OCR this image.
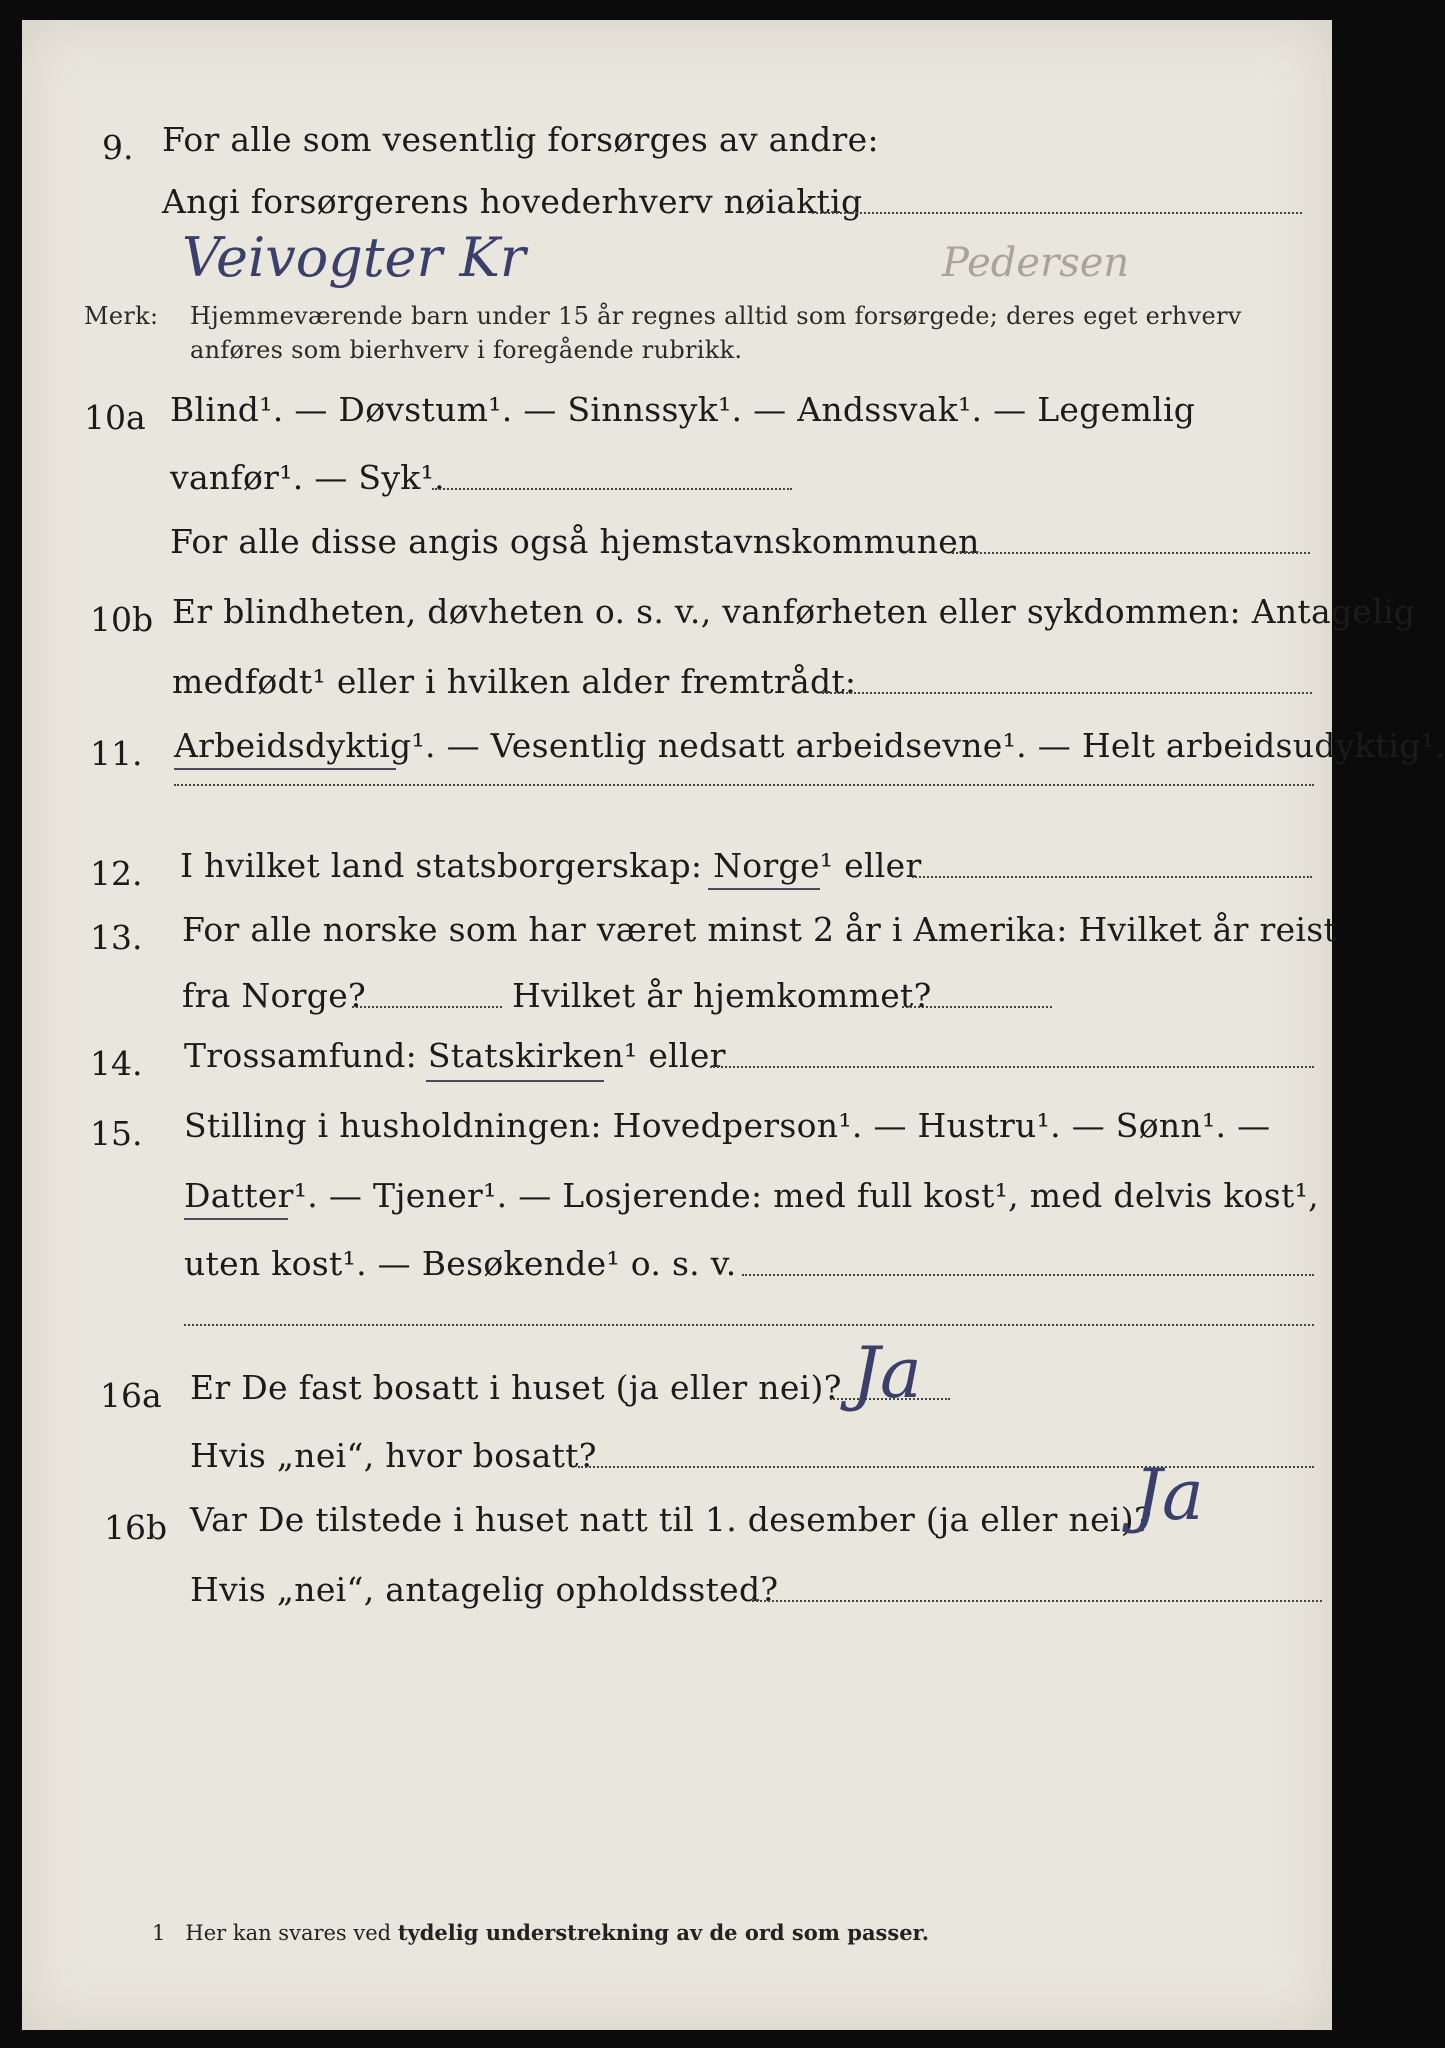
9. For alle som vesentlig forsørges av andre:
Angi forsørgerens hovederhverv nøiaktig
Veivogter Kr	Pedersen
Merk: Hjemmeværende barn under 15 år regnes alltid som forsørgede; deres eget erhverv
anføres som bierhverv i foregående rubrikk.
10a Blind¹. — Døvstum¹. — Sinnssyk¹. — Andssvak¹. — Legemlig
vanfør¹. — Syk¹.
For alle disse angis også hjemstavnskommunen
10b Er blindheten, døvheten o. s. v., vanførheten eller sykdommen: Antagelig
medfødt¹ eller i hvilken alder fremtrådt:
11. Arbeidsdyktig¹. — Vesentlig nedsatt arbeidsevne¹. — Helt arbeidsudyktig¹.
12. I hvilket land statsborgerskap: Norge¹ eller
13. For alle norske som har været minst 2 år i Amerika: Hvilket år reist
fra Norge?	Hvilket år hjemkommet?
14. Trossamfund: Statskirken¹ eller
15. Stilling i husholdningen: Hovedperson¹. — Hustru¹. — Sønn¹. —
Datter¹. — Tjener¹. — Losjerende: med full kost¹, med delvis kost¹,
uten kost¹. — Besøkende¹ o. s. v.
16a Er De fast bosatt i huset (ja eller nei)? Ja
Hvis „nei“, hvor bosatt?
16b Var De tilstede i huset natt til 1. desember (ja eller nei)?
Ja
Hvis „nei“, antagelig opholdssted?
1 Her kan svares ved tydelig understrekning av de ord som passer.
